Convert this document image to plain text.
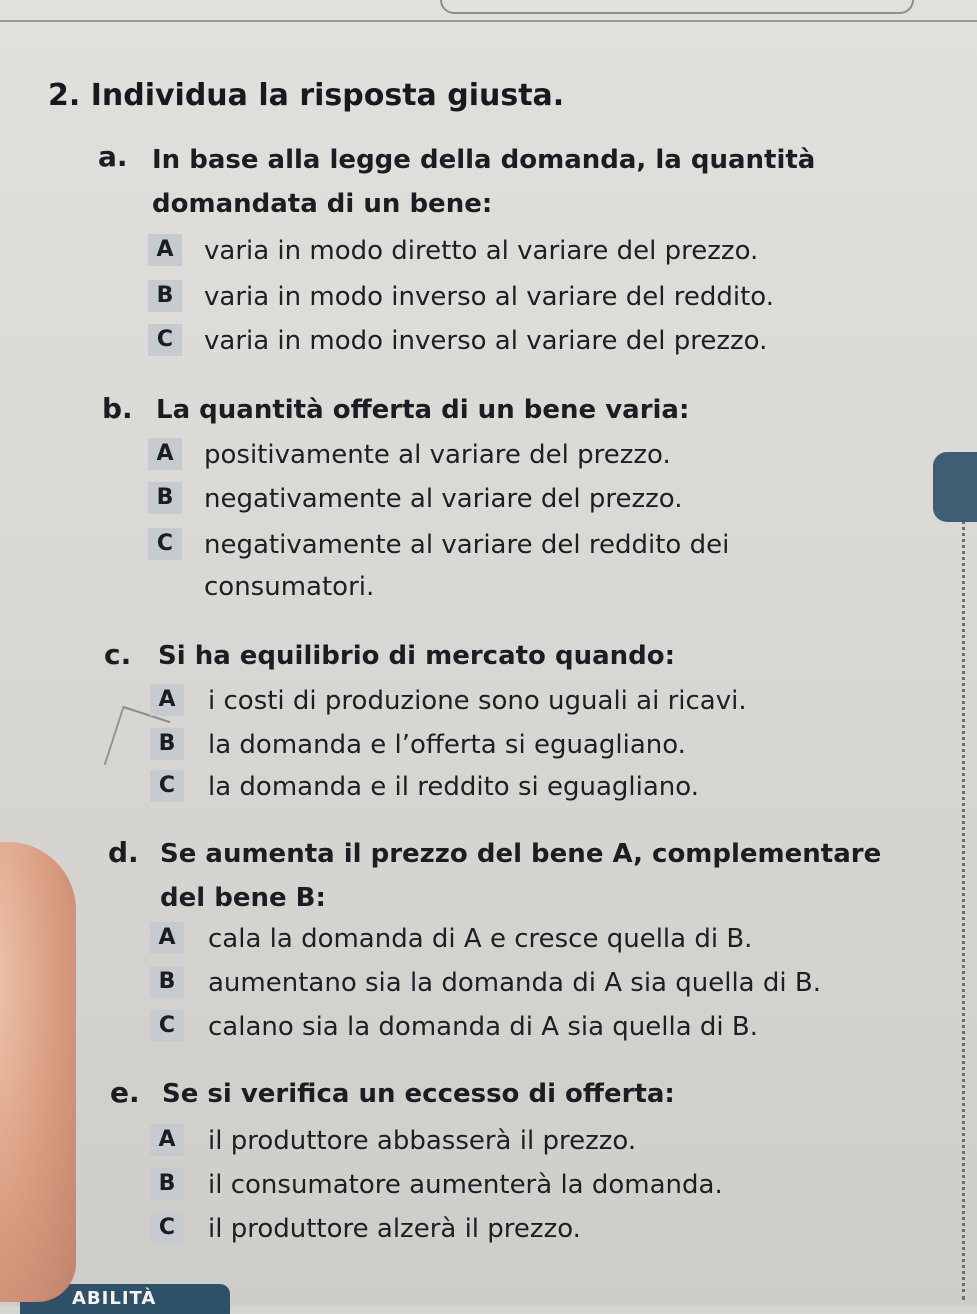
2. Individua la risposta giusta.
a. In base alla legge della domanda, la quantità domandata di un bene:
A	varia in modo diretto al variare del prezzo.
B	varia in modo inverso al variare del reddito.
C	varia in modo inverso al variare del prezzo.
b. La quantità offerta di un bene varia:
A	positivamente al variare del prezzo.
B	negativamente al variare del prezzo.
C	negativamente al variare del reddito dei consumatori.
c. Si ha equilibrio di mercato quando:
A	i costi di produzione sono uguali ai ricavi.
B	la domanda e l’offerta si eguagliano.
C	la domanda e il reddito si eguagliano.
d. Se aumenta il prezzo del bene A, complementare del bene B:
A	cala la domanda di A e cresce quella di B.
B	aumentano sia la domanda di A sia quella di B.
C	calano sia la domanda di A sia quella di B.
e. Se si verifica un eccesso di offerta:
A	il produttore abbasserà il prezzo.
B	il consumatore aumenterà la domanda.
C	il produttore alzerà il prezzo.
ABILITÀ
